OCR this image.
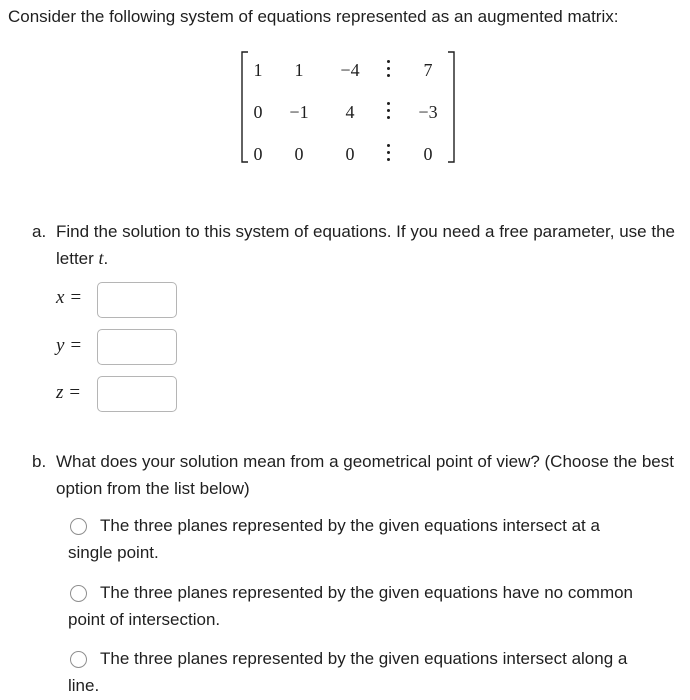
Consider the following system of equations represented as an augmented matrix:
1 1 −4	7
0 −1 4	−3
0 0 0	0
a. Find the solution to this system of equations. If you need a free parameter, use the letter t.
x =
y =
z =
b. What does your solution mean from a geometrical point of view? (Choose the best option from the list below)
The three planes represented by the given equations intersect at a
single point.
The three planes represented by the given equations have no common
point of intersection.
The three planes represented by the given equations intersect along a
line.
